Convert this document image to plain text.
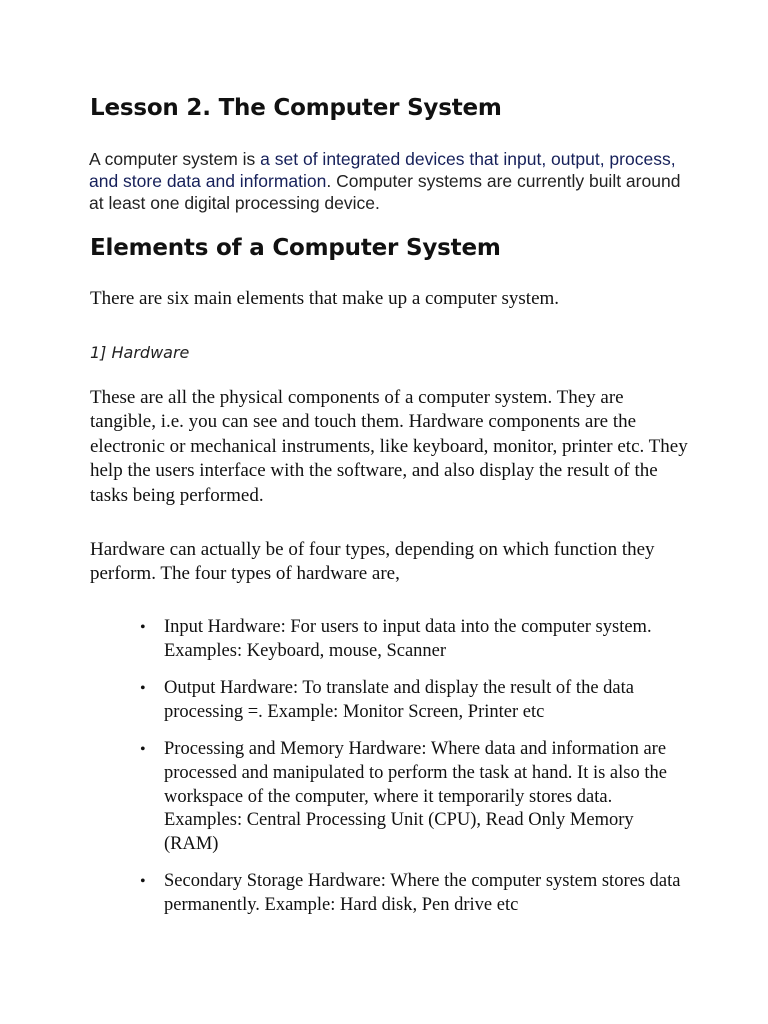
Lesson 2. The Computer System

A computer system is a set of integrated devices that input, output, process, and store data and information. Computer systems are currently built around at least one digital processing device.

Elements of a Computer System

There are six main elements that make up a computer system.

1] Hardware

These are all the physical components of a computer system. They are tangible, i.e. you can see and touch them. Hardware components are the electronic or mechanical instruments, like keyboard, monitor, printer etc. They help the users interface with the software, and also display the result of the tasks being performed.

Hardware can actually be of four types, depending on which function they perform. The four types of hardware are,

• Input Hardware: For users to input data into the computer system. Examples: Keyboard, mouse, Scanner
• Output Hardware: To translate and display the result of the data processing =. Example: Monitor Screen, Printer etc
• Processing and Memory Hardware: Where data and information are processed and manipulated to perform the task at hand. It is also the workspace of the computer, where it temporarily stores data. Examples: Central Processing Unit (CPU), Read Only Memory (RAM)
• Secondary Storage Hardware: Where the computer system stores data permanently. Example: Hard disk, Pen drive etc
